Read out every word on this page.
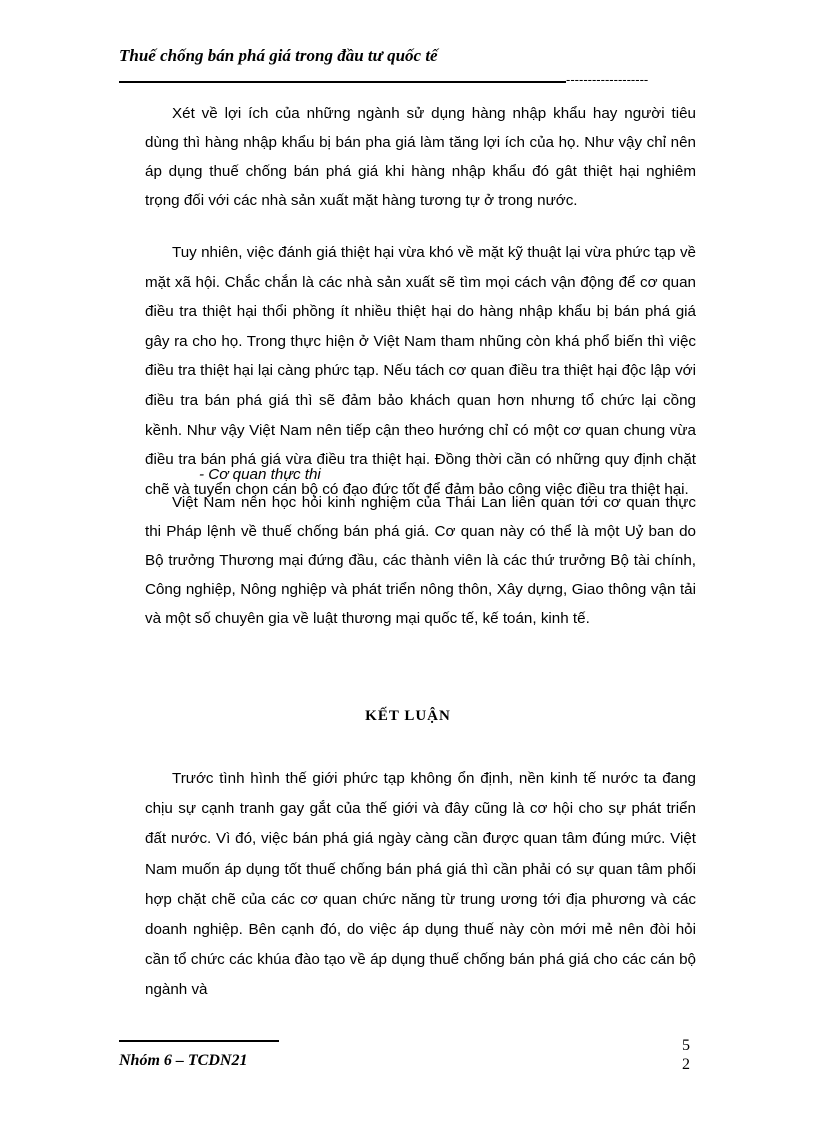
Thuế chống bán phá giá trong đầu tư quốc tế
-------------------

Xét về lợi ích của những ngành sử dụng hàng nhập khẩu hay người tiêu dùng thì hàng nhập khẩu bị bán pha giá làm tăng lợi ích của họ. Như vậy chỉ nên áp dụng thuế chống bán phá giá khi hàng nhập khẩu đó gât thiệt hại nghiêm trọng đối với các nhà sản xuất mặt hàng tương tự ở trong nước.

Tuy nhiên, việc đánh giá thiệt hại vừa khó về mặt kỹ thuật lại vừa phức tạp về mặt xã hội. Chắc chắn là các nhà sản xuất sẽ tìm mọi cách vận động để cơ quan điều tra thiệt hại thổi phồng ít nhiều thiệt hại do hàng nhập khẩu bị bán phá giá gây ra cho họ. Trong thực hiện ở Việt Nam tham nhũng còn khá phổ biến thì việc điều tra thiệt hại lại càng phức tạp. Nếu tách cơ quan điều tra thiệt hại độc lập với điều tra bán phá giá thì sẽ đảm bảo khách quan hơn nhưng tổ chức lại cồng kềnh. Như vậy Việt Nam nên tiếp cận theo hướng chỉ có một cơ quan chung vừa điều tra bán phá giá vừa điều tra thiệt hại. Đồng thời cần có những quy định chặt chẽ và tuyển chọn cán bộ có đạo đức tốt để đảm bảo công việc điều tra thiệt hại.

- Cơ quan thực thi

Việt Nam nên học hỏi kinh nghiệm của Thái Lan liên quan tới cơ quan thực thi Pháp lệnh về thuế chống bán phá giá. Cơ quan này có thể là một Uỷ ban do Bộ trưởng Thương mại đứng đầu, các thành viên là các thứ trưởng Bộ tài chính, Công nghiệp, Nông nghiệp và phát triển nông thôn, Xây dựng, Giao thông vận tải và một số chuyên gia về luật thương mại quốc tế, kế toán, kinh tế.

KẾT LUẬN

Trước tình hình thế giới phức tạp không ổn định, nền kinh tế nước ta đang chịu sự cạnh tranh gay gắt của thế giới và đây cũng là cơ hội cho sự phát triển đất nước. Vì đó, việc bán phá giá ngày càng cần được quan tâm đúng mức. Việt Nam muốn áp dụng tốt thuế chống bán phá giá thì cần phải có sự quan tâm phối hợp chặt chẽ của các cơ quan chức năng từ trung ương tới địa phương và các doanh nghiệp. Bên cạnh đó, do việc áp dụng thuế này còn mới mẻ nên đòi hỏi cần tổ chức các khúa đào tạo về áp dụng thuế chống bán phá giá cho các cán bộ ngành và

Nhóm 6 – TCDN21
5
2
